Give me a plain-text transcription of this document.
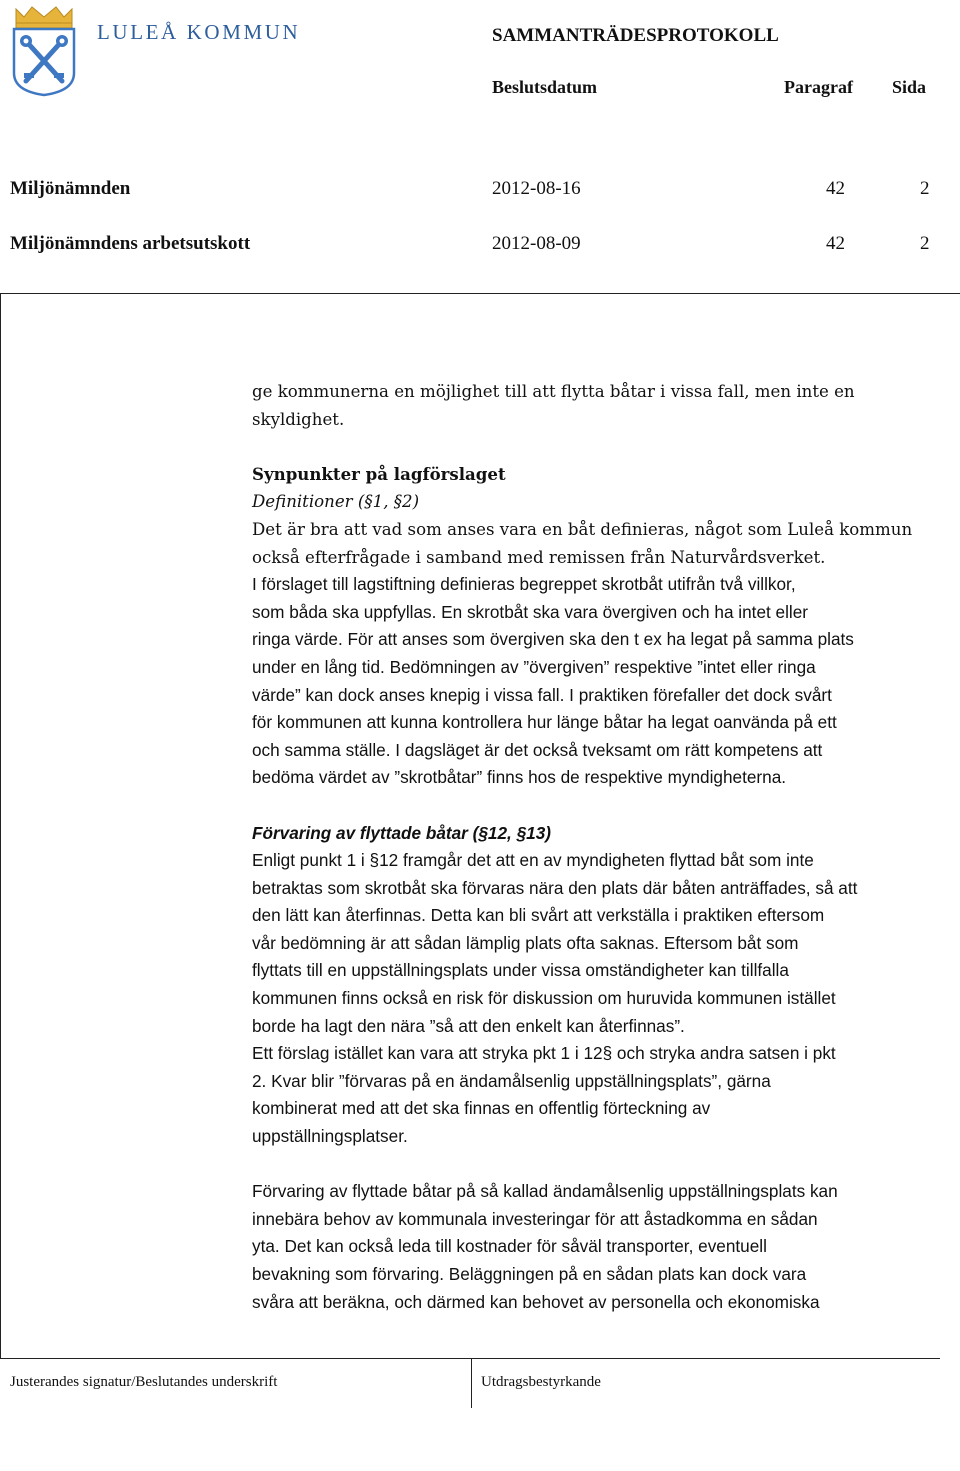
LULEÅ KOMMUN	SAMMANTRÄDESPROTOKOLL
Beslutsdatum	Paragraf Sida
Miljönämnden	2012-08-16	42	2
Miljönämndens arbetsutskott	2012-08-09	42	2

ge kommunerna en möjlighet till att flytta båtar i vissa fall, men inte en

skyldighet.

Synpunkter på lagförslaget

Definitioner (§1, §2)

Det är bra att vad som anses vara en båt definieras, något som Luleå kommun

också efterfrågade i samband med remissen från Naturvårdsverket.

I förslaget till lagstiftning definieras begreppet skrotbåt utifrån två villkor,

som båda ska uppfyllas. En skrotbåt ska vara övergiven och ha intet eller

ringa värde. För att anses som övergiven ska den t ex ha legat på samma plats

under en lång tid. Bedömningen av ”övergiven” respektive ”intet eller ringa

värde” kan dock anses knepig i vissa fall. I praktiken förefaller det dock svårt

för kommunen att kunna kontrollera hur länge båtar ha legat oanvända på ett

och samma ställe. I dagsläget är det också tveksamt om rätt kompetens att

bedöma värdet av ”skrotbåtar” finns hos de respektive myndigheterna.

Förvaring av flyttade båtar (§12, §13)

Enligt punkt 1 i §12 framgår det att en av myndigheten flyttad båt som inte

betraktas som skrotbåt ska förvaras nära den plats där båten anträffades, så att

den lätt kan återfinnas. Detta kan bli svårt att verkställa i praktiken eftersom

vår bedömning är att sådan lämplig plats ofta saknas. Eftersom båt som

flyttats till en uppställningsplats under vissa omständigheter kan tillfalla

kommunen finns också en risk för diskussion om huruvida kommunen istället

borde ha lagt den nära ”så att den enkelt kan återfinnas”.

Ett förslag istället kan vara att stryka pkt 1 i 12§ och stryka andra satsen i pkt

2. Kvar blir ”förvaras på en ändamålsenlig uppställningsplats”, gärna

kombinerat med att det ska finnas en offentlig förteckning av

uppställningsplatser.

Förvaring av flyttade båtar på så kallad ändamålsenlig uppställningsplats kan

innebära behov av kommunala investeringar för att åstadkomma en sådan

yta. Det kan också leda till kostnader för såväl transporter, eventuell

bevakning som förvaring. Beläggningen på en sådan plats kan dock vara

svåra att beräkna, och därmed kan behovet av personella och ekonomiska

Justerandes signatur/Beslutandes underskrift	Utdragsbestyrkande
